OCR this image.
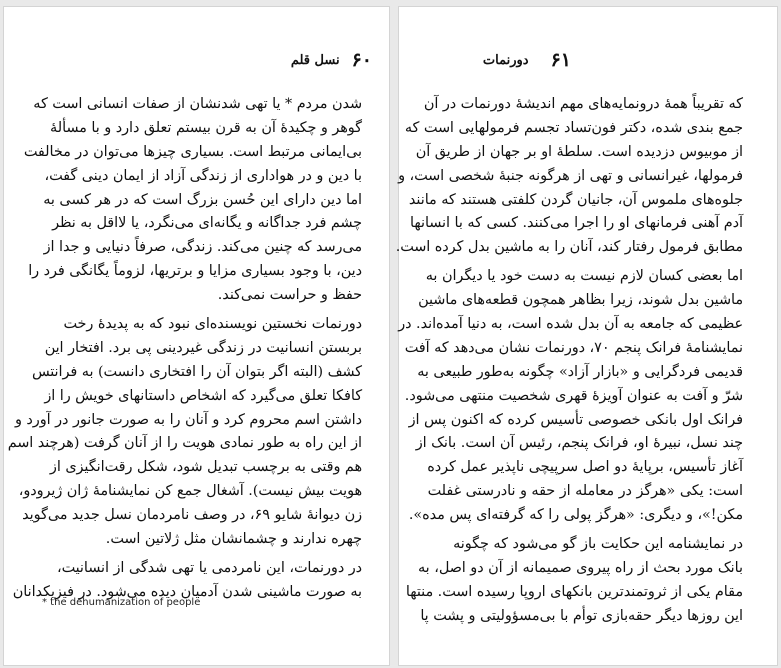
نسل قلم ۶۰
شدن مردم * یا تهی شدنشان از صفات انسانی است که
گوهر و چکیدهٔ آن به قرن بیستم تعلق دارد و با مسألهٔ
بی‌ایمانی مرتبط است. بسیاری چیزها می‌توان در مخالفت
با دین و در هواداری از زندگی آزاد از ایمان دینی گفت،
اما دین دارای این حُسن بزرگ است که در هر کسی به
چشم فرد جداگانه و یگانه‌ای می‌نگرد، یا لااقل به نظر
می‌رسد که چنین می‌کند. زندگی، صرفاً دنیایی و جدا از
دین، با وجود بسیاری مزایا و برتریها، لزوماً یگانگی فرد را
حفظ و حراست نمی‌کند.
دورنمات نخستین نویسنده‌ای نبود که به پدیدهٔ رخت
بربستن انسانیت در زندگی غیردینی پی برد. افتخار این
کشف (البته اگر بتوان آن را افتخاری دانست) به فرانتس
کافکا تعلق می‌گیرد که اشخاص داستانهای خویش را از
داشتن اسم محروم کرد و آنان را به صورت جانور در آورد و
از این راه به طور نمادی هویت را از آنان گرفت (هرچند اسم
هم وقتی به برچسب تبدیل شود، شکل رقت‌انگیزی از
هویت بیش نیست). آشغال جمع کن نمایشنامهٔ ژان ژیرودو،
زن دیوانهٔ شایو ۶۹، در وصف نامردمان نسل جدید می‌گوید
چهره ندارند و چشمانشان مثل ژلاتین است.
در دورنمات، این نامردمی یا تهی شدگی از انسانیت،
به صورت ماشینی شدن آدمیان دیده می‌شود. در فیزیکدانان
* the dehumanization of people
دورنمات ۶۱
که تقریباً همهٔ درونمایه‌های مهم اندیشهٔ دورنمات در آن
جمع بندی شده، دکتر فون‌تساد تجسم فرمولهایی است که
از موبیوس دزدیده است. سلطهٔ او بر جهان از طریق آن
فرمولها، غیرانسانی و تهی از هرگونه جنبهٔ شخصی است، و
جلوه‌های ملموس آن، جانیان گردن کلفتی هستند که مانند
آدم آهنی فرمانهای او را اجرا می‌کنند. کسی که با انسانها
مطابق فرمول رفتار کند، آنان را به ماشین بدل کرده است.
اما بعضی کسان لازم نیست به دست خود یا دیگران به
ماشین بدل شوند، زیرا بظاهر همچون قطعه‌های ماشین
عظیمی که جامعه به آن بدل شده است، به دنیا آمده‌اند. در
نمایشنامهٔ فرانک پنجم ۷۰، دورنمات نشان می‌دهد که آفت
قدیمی فردگرایی و «بازار آزاد» چگونه به‌طور طبیعی به
شرّ و آفت به عنوان آویزهٔ قهری شخصیت منتهی می‌شود.
فرانک اول بانکی خصوصی تأسیس کرده که اکنون پس از
چند نسل، نبیرهٔ او، فرانک پنجم، رئیس آن است. بانک از
آغاز تأسیس، برپایهٔ دو اصل سرپیچی ناپذیر عمل کرده
است: یکی «هرگز در معامله از حقه و نادرستی غفلت
مکن!»، و دیگری: «هرگز پولی را که گرفته‌ای پس مده».
در نمایشنامه این حکایت باز گو می‌شود که چگونه
بانک مورد بحث از راه پیروی صمیمانه از آن دو اصل، به
مقام یکی از ثروتمندترین بانکهای اروپا رسیده است. منتها
این روزها دیگر حقه‌بازی توأم با بی‌مسؤولیتی و پشت پا
